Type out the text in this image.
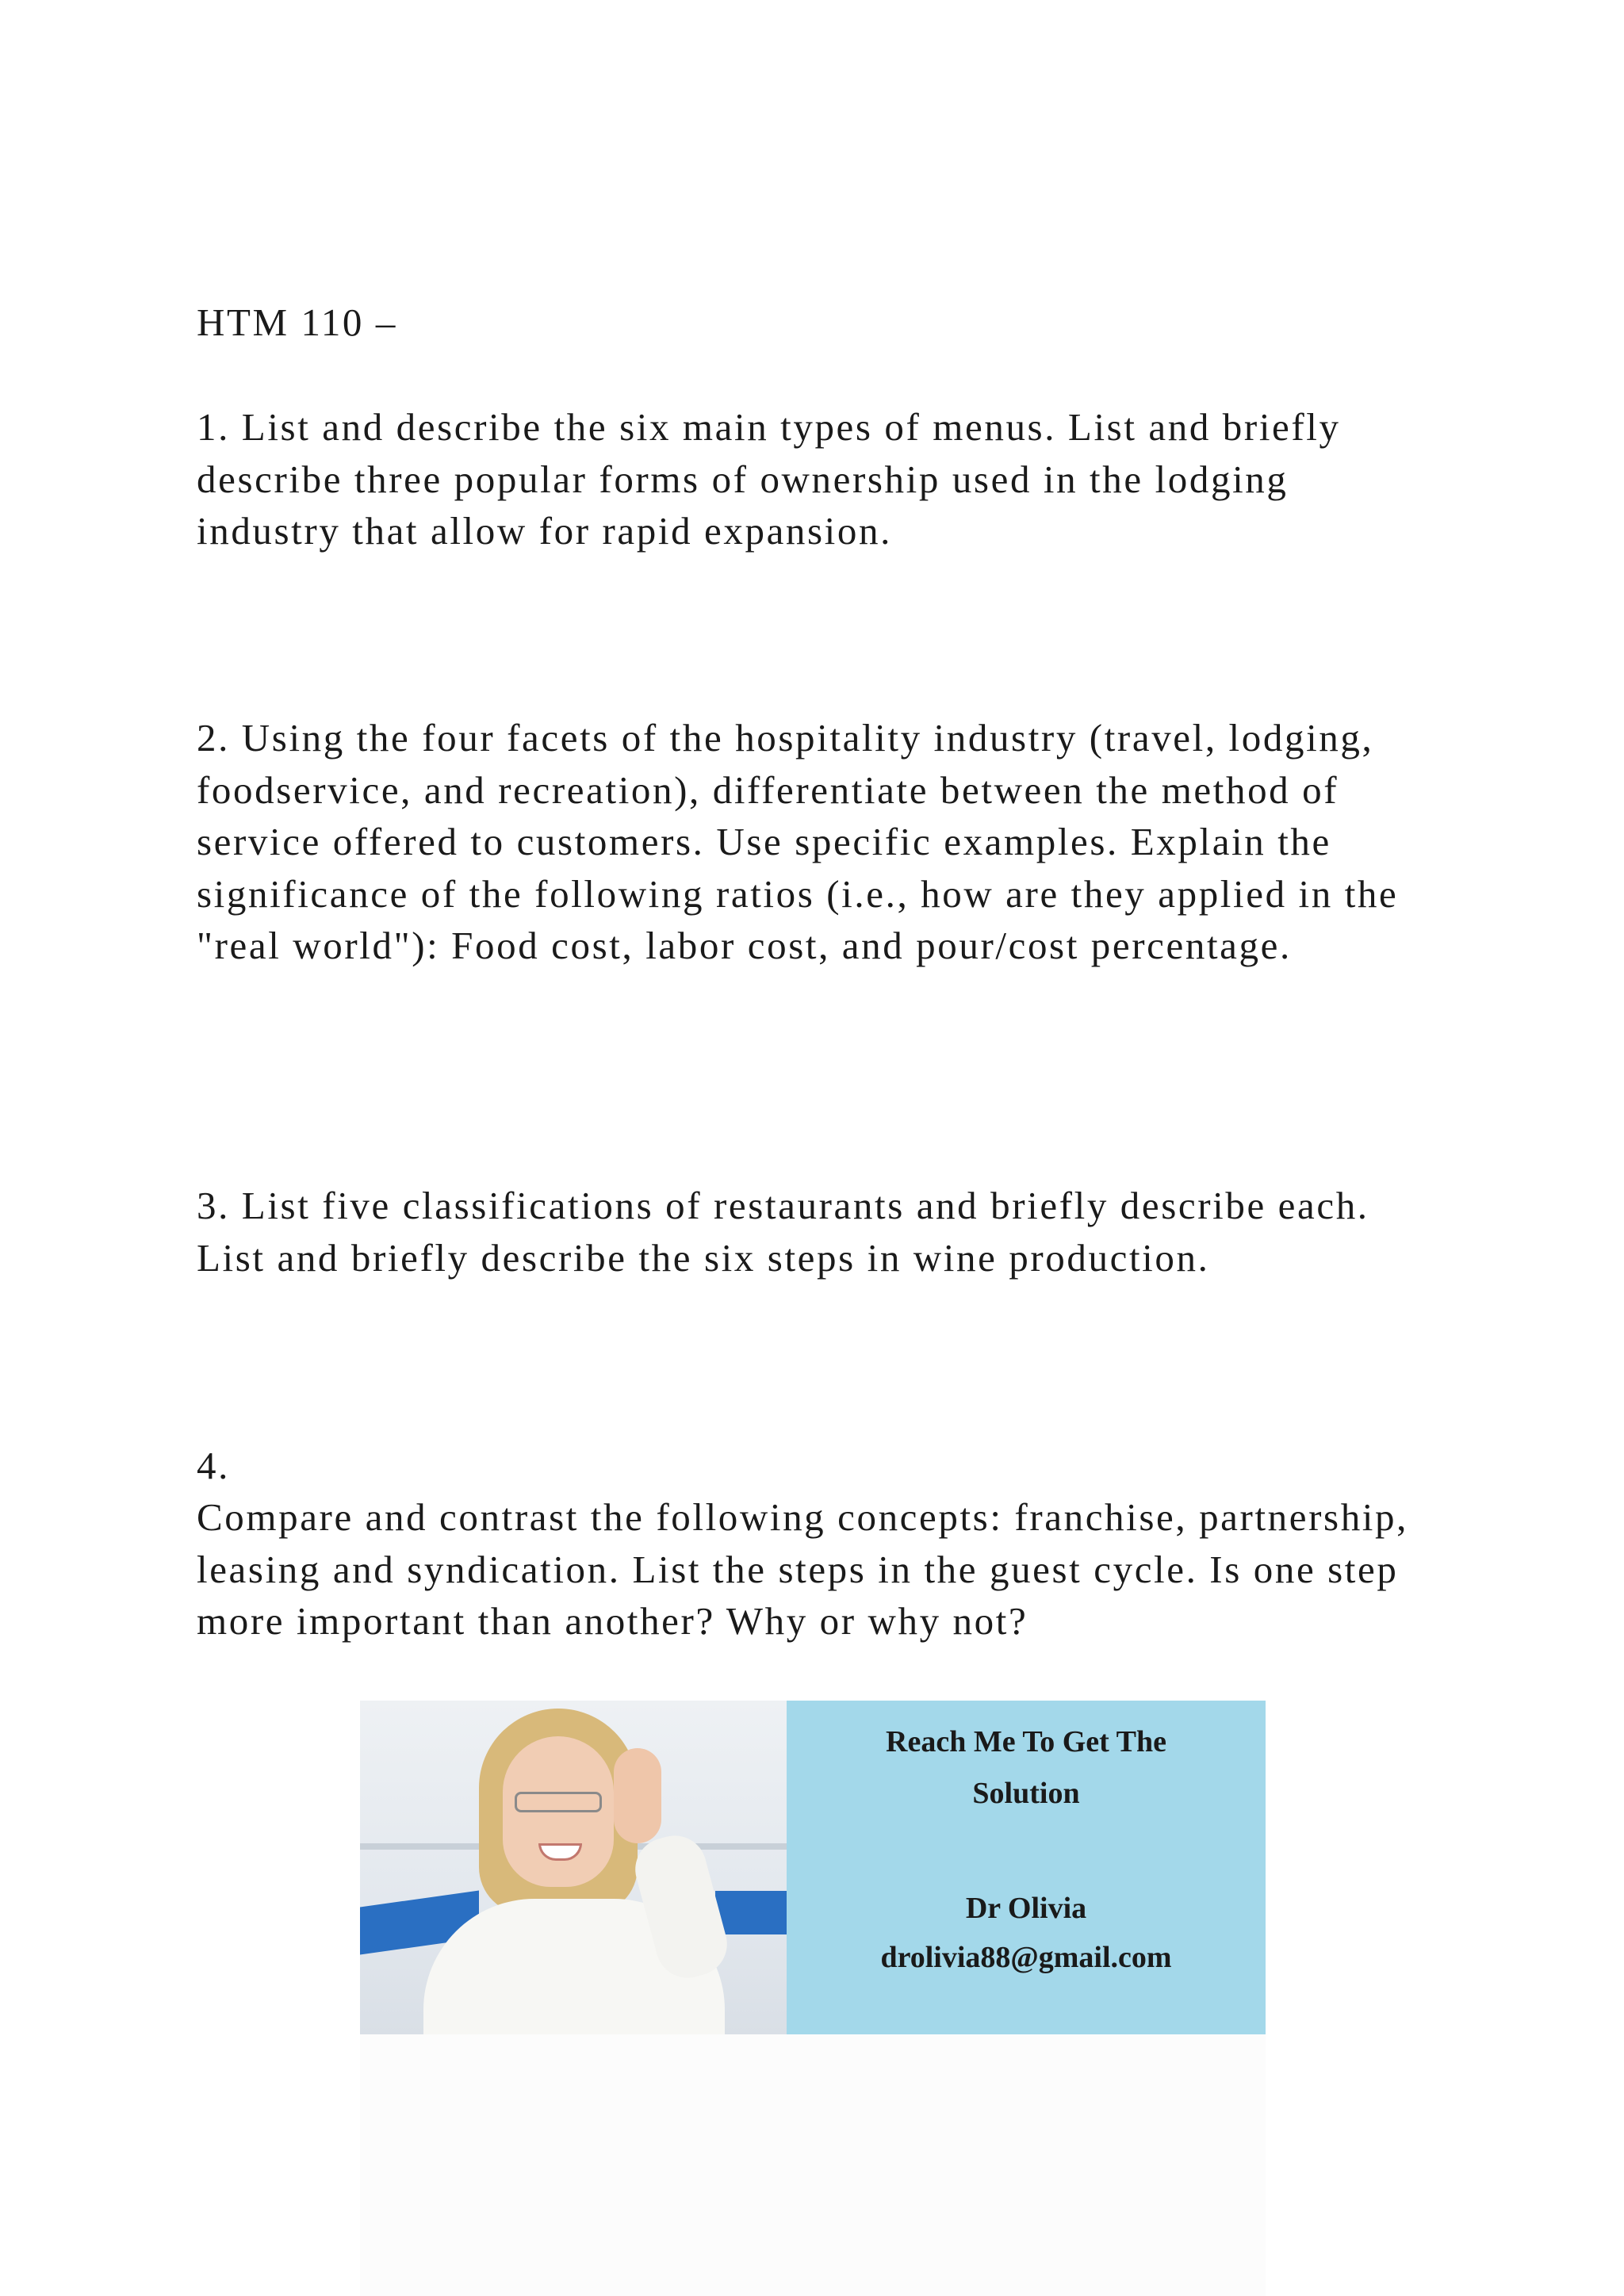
HTM 110 –

1. List and describe the six main types of menus. List and briefly describe three popular forms of ownership used in the lodging industry that allow for rapid expansion.

2. Using the four facets of the hospitality industry (travel, lodging, foodservice, and recreation), differentiate between the method of service offered to customers. Use specific examples. Explain the significance of the following ratios (i.e., how are they applied in the "real world"): Food cost, labor cost, and pour/cost percentage.

3. List five classifications of restaurants and briefly describe each. List and briefly describe the six steps in wine production.

4.

Compare and contrast the following concepts: franchise, partnership, leasing and syndication. List the steps in the guest cycle. Is one step more important than another? Why or why not?

Reach Me To Get The
Solution
Dr Olivia
drolivia88@gmail.com
